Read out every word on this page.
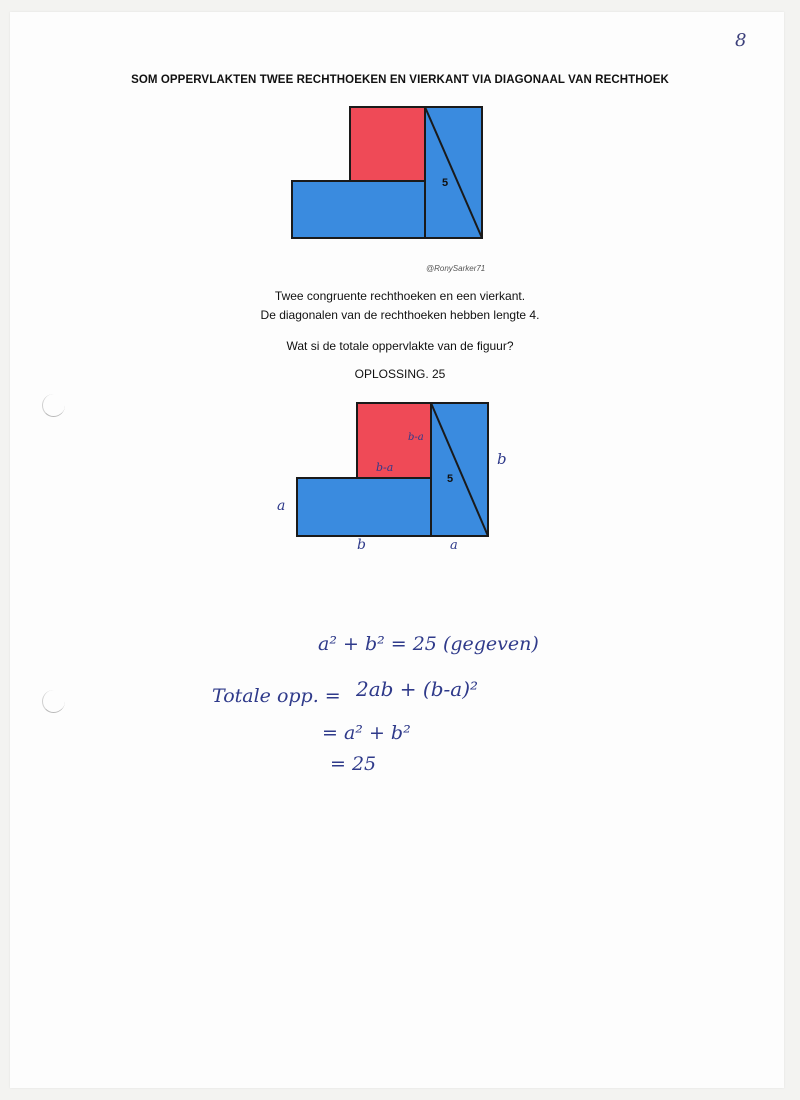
8
SOM OPPERVLAKTEN TWEE RECHTHOEKEN EN VIERKANT VIA DIAGONAAL VAN RECHTHOEK
5
@RonySarker71
Twee congruente rechthoeken en een vierkant.
De diagonalen van de rechthoeken hebben lengte 4.
Wat si de totale oppervlakte van de figuur?
OPLOSSING. 25
5
b-a
b-a	b
a
b	a
a² + b² = 25 (gegeven)
Totale opp. = 2ab + (b-a)²
= a² + b²
= 25
